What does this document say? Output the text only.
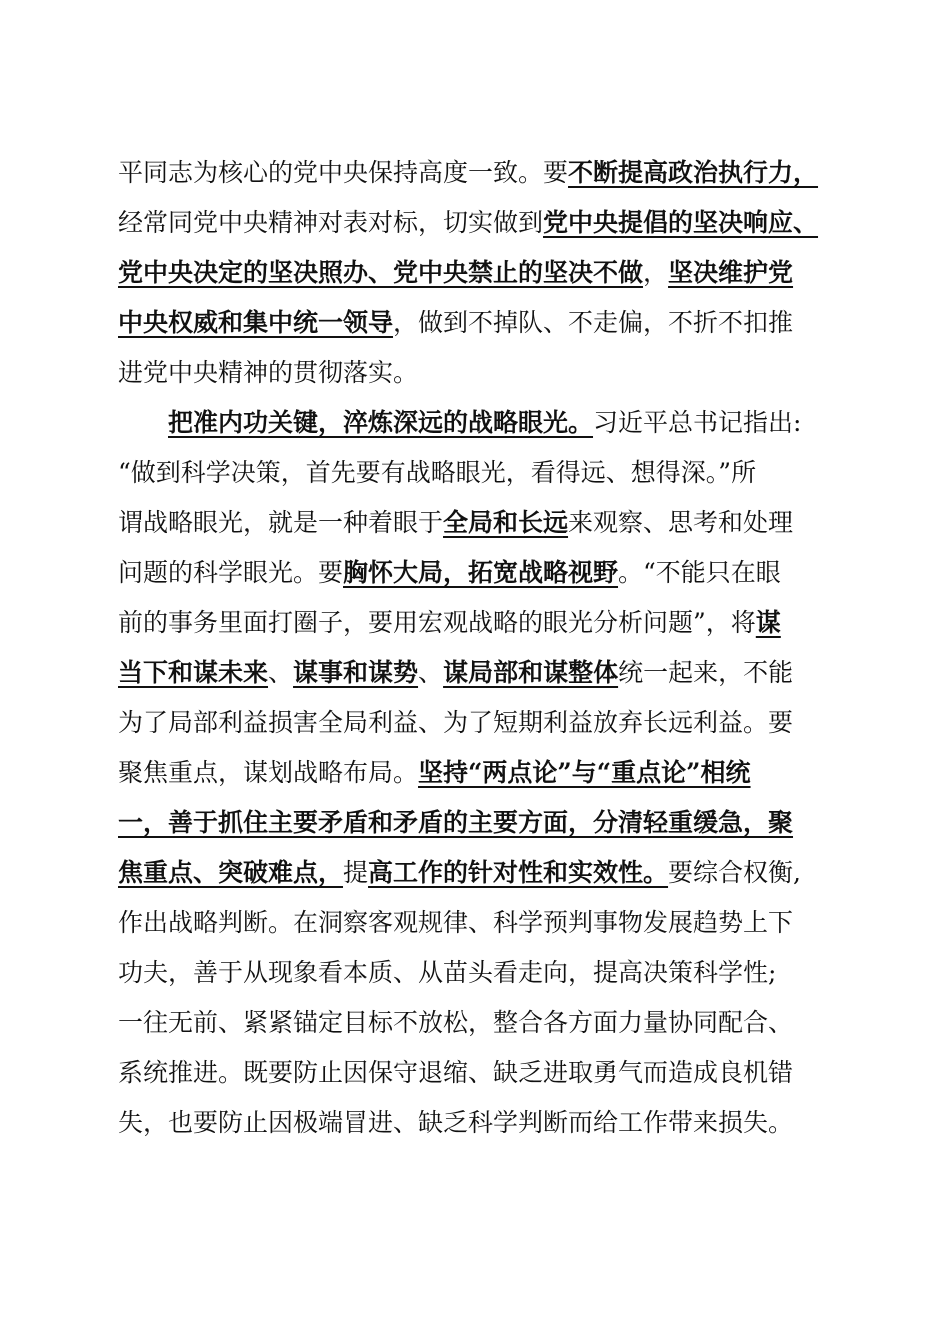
平同志为核心的党中央保持高度一致。要不断提高政治执行力，
经常同党中央精神对表对标，切实做到党中央提倡的坚决响应、
党中央决定的坚决照办、党中央禁止的坚决不做，坚决维护党
中央权威和集中统一领导，做到不掉队、不走偏，不折不扣推
进党中央精神的贯彻落实。
把准内功关键，淬炼深远的战略眼光。习近平总书记指出:
“做到科学决策，首先要有战略眼光，看得远、想得深。”所
谓战略眼光，就是一种着眼于全局和长远来观察、思考和处理
问题的科学眼光。要胸怀大局，拓宽战略视野。“不能只在眼
前的事务里面打圈子，要用宏观战略的眼光分析问题”，将谋
当下和谋未来、谋事和谋势、谋局部和谋整体统一起来，不能
为了局部利益损害全局利益、为了短期利益放弃长远利益。要
聚焦重点，谋划战略布局。坚持“两点论”与“重点论”相统
一，善于抓住主要矛盾和矛盾的主要方面，分清轻重缓急，聚
焦重点、突破难点，提高工作的针对性和实效性。要综合权衡,
作出战略判断。在洞察客观规律、科学预判事物发展趋势上下
功夫，善于从现象看本质、从苗头看走向，提高决策科学性;
一往无前、紧紧锚定目标不放松，整合各方面力量协同配合、
系统推进。既要防止因保守退缩、缺乏进取勇气而造成良机错
失，也要防止因极端冒进、缺乏科学判断而给工作带来损失。
